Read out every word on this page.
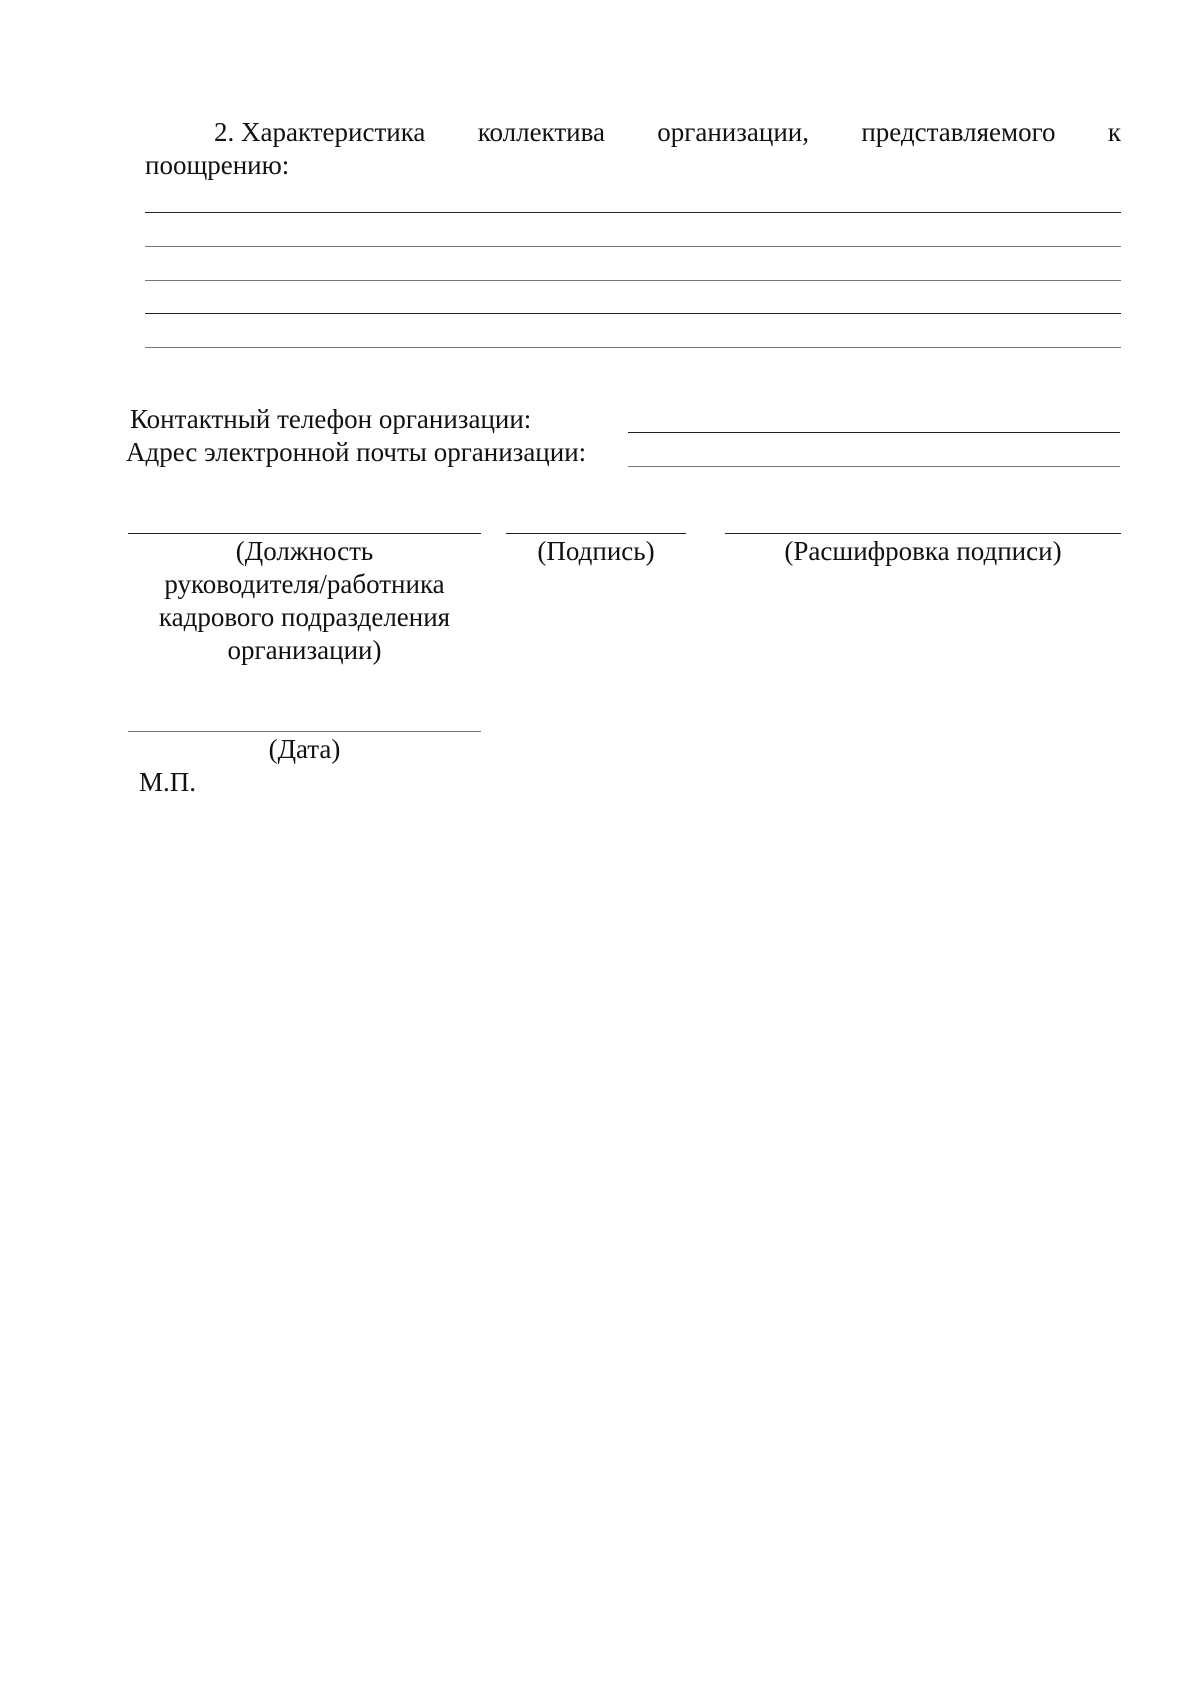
2. Характеристика коллектива организации, представляемого к
поощрению:
Контактный телефон организации:
Адрес электронной почты организации:
(Должность
руководителя/работника
кадрового подразделения
организации)
(Подпись)	(Расшифровка подписи)
(Дата)
М.П.
